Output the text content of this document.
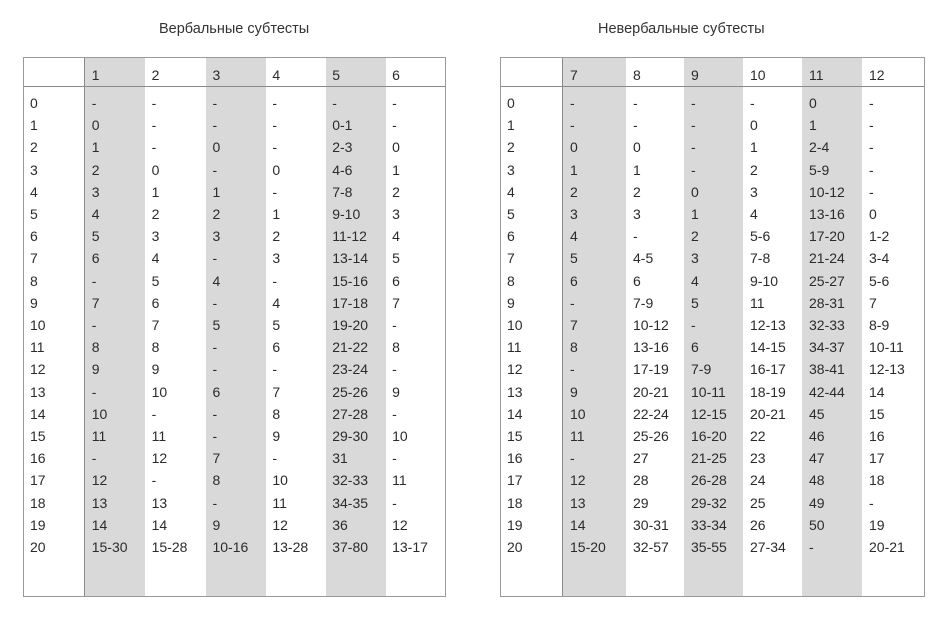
Вербальные субтесты
	1	2	3	4	5	6
0	-	-	-	-	-	-
1	0	-	-	-	0-1	-
2	1	-	0	-	2-3	0
3	2	0	-	0	4-6	1
4	3	1	1	-	7-8	2
5	4	2	2	1	9-10	3
6	5	3	3	2	11-12	4
7	6	4	-	3	13-14	5
8	-	5	4	-	15-16	6
9	7	6	-	4	17-18	7
10	-	7	5	5	19-20	-
11	8	8	-	6	21-22	8
12	9	9	-	-	23-24	-
13	-	10	6	7	25-26	9
14	10	-	-	8	27-28	-
15	11	11	-	9	29-30	10
16	-	12	7	-	31	-
17	12	-	8	10	32-33	11
18	13	13	-	11	34-35	-
19	14	14	9	12	36	12
20	15-30	15-28	10-16	13-28	37-80	13-17
Невербальные субтесты
	7	8	9	10	11	12
0	-	-	-	-	0	-
1	-	-	-	0	1	-
2	0	0	-	1	2-4	-
3	1	1	-	2	5-9	-
4	2	2	0	3	10-12	-
5	3	3	1	4	13-16	0
6	4	-	2	5-6	17-20	1-2
7	5	4-5	3	7-8	21-24	3-4
8	6	6	4	9-10	25-27	5-6
9	-	7-9	5	11	28-31	7
10	7	10-12	-	12-13	32-33	8-9
11	8	13-16	6	14-15	34-37	10-11
12	-	17-19	7-9	16-17	38-41	12-13
13	9	20-21	10-11	18-19	42-44	14
14	10	22-24	12-15	20-21	45	15
15	11	25-26	16-20	22	46	16
16	-	27	21-25	23	47	17
17	12	28	26-28	24	48	18
18	13	29	29-32	25	49	-
19	14	30-31	33-34	26	50	19
20	15-20	32-57	35-55	27-34	-	20-21
